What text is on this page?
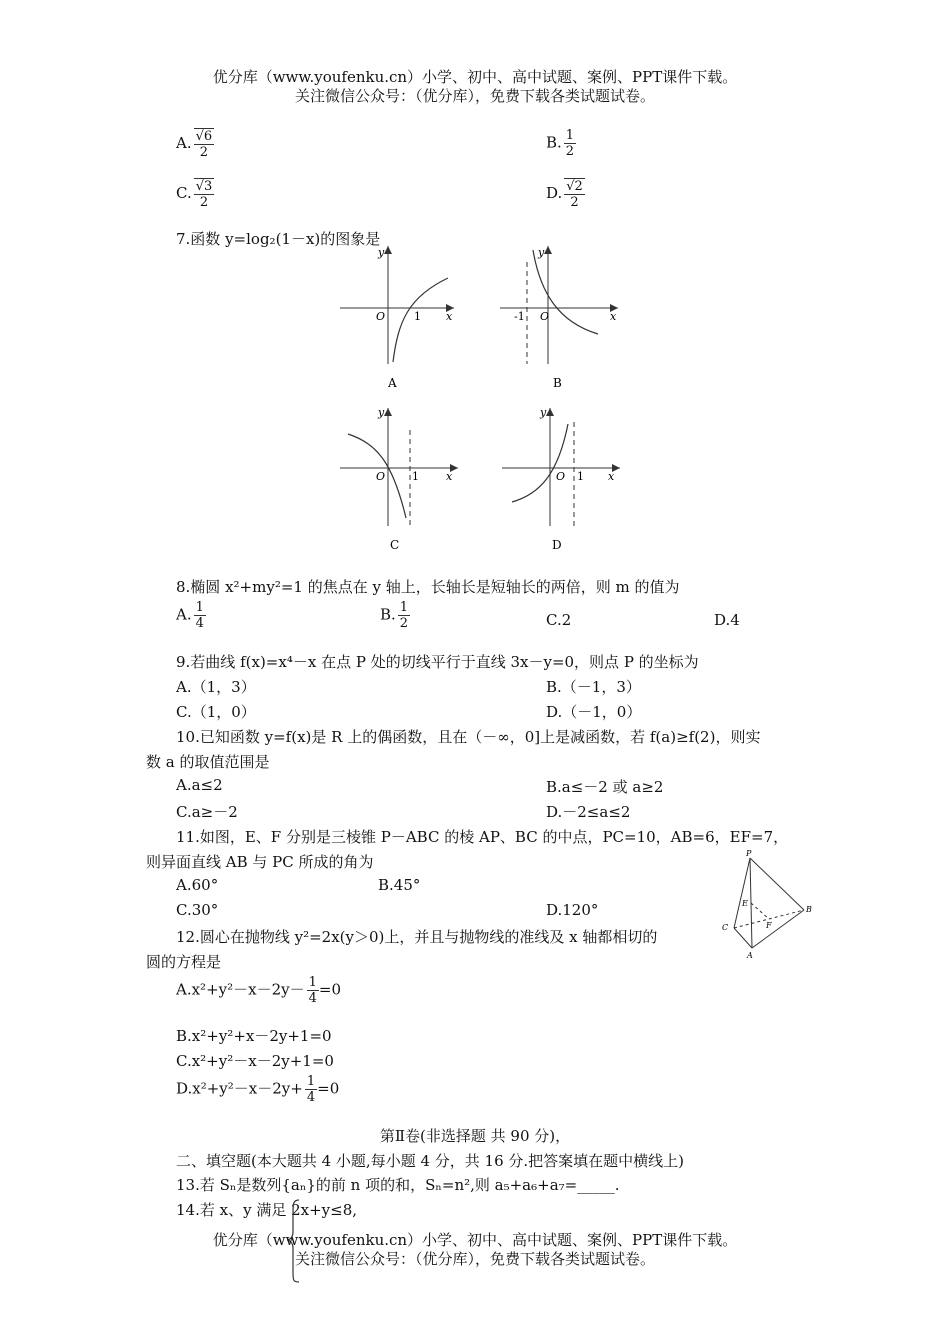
优分库（www.youfenku.cn）小学、初中、高中试题、案例、PPT课件下载。
关注微信公众号：（优分库），免费下载各类试题试卷。
A. $\frac{√6}{2}$	B. $\frac{1}{2}$
C. $\frac{√3}{2}$	D. $\frac{√2}{2}$
7.函数 y=log₂(1－x)的图象是
y
x
O	1
A
y
x
O
-1
B
y
x
O 1
C
y
x
O 1
D
8.椭圆 x²+my²=1 的焦点在 y 轴上，长轴长是短轴长的两倍，则 m 的值为
A. $\frac{1}{4}$	B. $\frac{1}{2}$	C.2	D.4
9.若曲线 f(x)=x⁴－x 在点 P 处的切线平行于直线 3x－y=0，则点 P 的坐标为
A.（1，3）	B.（－1，3）
C.（1，0）	D.（－1，0）
10.已知函数 y=f(x)是 R 上的偶函数，且在（－∞，0]上是减函数，若 f(a)≥f(2)，则实
数 a 的取值范围是
A.a≤2	B.a≤－2 或 a≥2
C.a≥－2	D.－2≤a≤2
11.如图，E、F 分别是三棱锥 P－ABC 的棱 AP、BC 的中点，PC=10，AB=6，EF=7，
则异面直线 AB 与 PC 所成的角为
A.60°	B.45°
C.30°	D.120°
P
A
B
C
E
F
12.圆心在抛物线 y²=2x(y＞0)上，并且与抛物线的准线及 x 轴都相切的
圆的方程是
$A.x^2+y^2-x-2y- \frac{1}{4} =0$
B.x²+y²+x－2y+1=0
C.x²+y²－x－2y+1=0
$D.x^2+y^2-x-2y+ \frac{1}{4} =0$
第Ⅱ卷(非选择题 共 90 分)，
二、填空题(本大题共 4 小题,每小题 4 分，共 16 分.把答案填在题中横线上)
13.若 Sₙ是数列{aₙ}的前 n 项的和，Sₙ=n²,则 a₅+a₆+a₇=_____.
14.若 x、y 满足 2x+y≤8,
优分库（www.youfenku.cn）小学、初中、高中试题、案例、PPT课件下载。
关注微信公众号：（优分库），免费下载各类试题试卷。
